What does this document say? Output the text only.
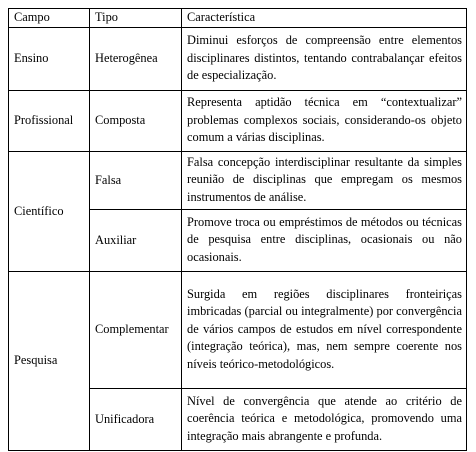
Campo	Tipo	Característica
Ensino	Heterogênea	Diminui esforços de compreensão entre elementos disciplinares distintos, tentando contrabalançar efeitos de especialização.
Profissional	Composta	Representa aptidão técnica em “contextualizar” problemas complexos sociais, considerando-os objeto comum a várias disciplinas.
Científico	Falsa	Falsa concepção interdisciplinar resultante da simples reunião de disciplinas que empregam os mesmos instrumentos de análise.
	Auxiliar	Promove troca ou empréstimos de métodos ou técnicas de pesquisa entre disciplinas, ocasionais ou não ocasionais.
Pesquisa	Complementar	Surgida em regiões disciplinares fronteiriças imbricadas (parcial ou integralmente) por convergência de vários campos de estudos em nível correspondente (integração teórica), mas, nem sempre coerente nos níveis teórico-metodológicos.
	Unificadora	Nível de convergência que atende ao critério de coerência teórica e metodológica, promovendo uma integração mais abrangente e profunda.
